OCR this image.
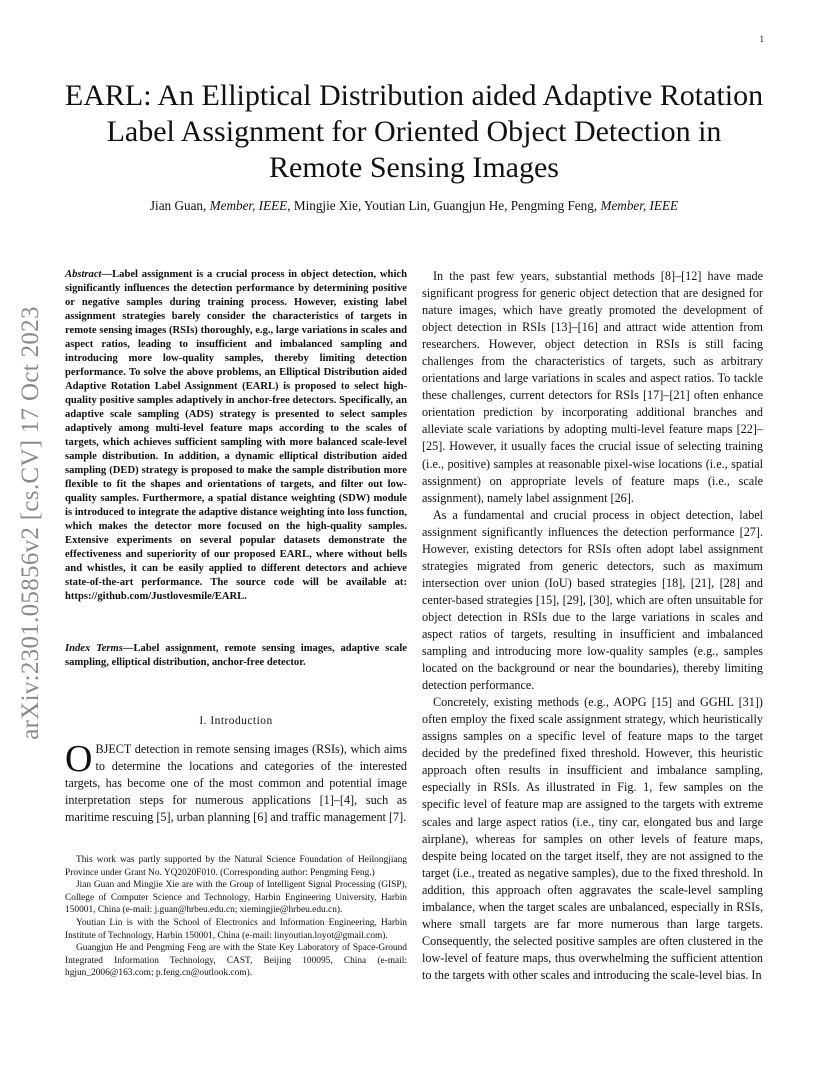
1
arXiv:2301.05856v2 [cs.CV] 17 Oct 2023
EARL: An Elliptical Distribution aided Adaptive Rotation Label Assignment for Oriented Object Detection in Remote Sensing Images
Jian Guan, Member, IEEE, Mingjie Xie, Youtian Lin, Guangjun He, Pengming Feng, Member, IEEE
Abstract—Label assignment is a crucial process in object detection, which significantly influences the detection performance by determining positive or negative samples during training process. However, existing label assignment strategies barely consider the characteristics of targets in remote sensing images (RSIs) thoroughly, e.g., large variations in scales and aspect ratios, leading to insufficient and imbalanced sampling and introducing more low-quality samples, thereby limiting detection performance. To solve the above problems, an Elliptical Distribution aided Adaptive Rotation Label Assignment (EARL) is proposed to select high-quality positive samples adaptively in anchor-free detectors. Specifically, an adaptive scale sampling (ADS) strategy is presented to select samples adaptively among multi-level feature maps according to the scales of targets, which achieves sufficient sampling with more balanced scale-level sample distribution. In addition, a dynamic elliptical distribution aided sampling (DED) strategy is proposed to make the sample distribution more flexible to fit the shapes and orientations of targets, and filter out low-quality samples. Furthermore, a spatial distance weighting (SDW) module is introduced to integrate the adaptive distance weighting into loss function, which makes the detector more focused on the high-quality samples. Extensive experiments on several popular datasets demonstrate the effectiveness and superiority of our proposed EARL, where without bells and whistles, it can be easily applied to different detectors and achieve state-of-the-art performance. The source code will be available at: https://github.com/Justlovesmile/EARL.
Index Terms—Label assignment, remote sensing images, adaptive scale sampling, elliptical distribution, anchor-free detector.
I. Introduction
OBJECT detection in remote sensing images (RSIs), which aims to determine the locations and categories of the interested targets, has become one of the most common and potential image interpretation steps for numerous applications [1]–[4], such as maritime rescuing [5], urban planning [6] and traffic management [7].

This work was partly supported by the Natural Science Foundation of Heilongjiang Province under Grant No. YQ2020F010. (Corresponding author: Pengming Feng.)

Jian Guan and Mingjie Xie are with the Group of Intelligent Signal Processing (GISP), College of Computer Science and Technology, Harbin Engineering University, Harbin 150001, China (e-mail: j.guan@hrbeu.edu.cn; xiemingjie@hrbeu.edu.cn).

Youtian Lin is with the School of Electronics and Information Engineering, Harbin Institute of Technology, Harbin 150001, China (e-mail: linyoutian.loyot@gmail.com).

Guangjun He and Pengming Feng are with the State Key Laboratory of Space-Ground Integrated Information Technology, CAST, Beijing 100095, China (e-mail: hgjun_2006@163.com; p.feng.cn@outlook.com).

In the past few years, substantial methods [8]–[12] have made significant progress for generic object detection that are designed for nature images, which have greatly promoted the development of object detection in RSIs [13]–[16] and attract wide attention from researchers. However, object detection in RSIs is still facing challenges from the characteristics of targets, such as arbitrary orientations and large variations in scales and aspect ratios. To tackle these challenges, current detectors for RSIs [17]–[21] often enhance orientation prediction by incorporating additional branches and alleviate scale variations by adopting multi-level feature maps [22]–[25]. However, it usually faces the crucial issue of selecting training (i.e., positive) samples at reasonable pixel-wise locations (i.e., spatial assignment) on appropriate levels of feature maps (i.e., scale assignment), namely label assignment [26].

As a fundamental and crucial process in object detection, label assignment significantly influences the detection performance [27]. However, existing detectors for RSIs often adopt label assignment strategies migrated from generic detectors, such as maximum intersection over union (IoU) based strategies [18], [21], [28] and center-based strategies [15], [29], [30], which are often unsuitable for object detection in RSIs due to the large variations in scales and aspect ratios of targets, resulting in insufficient and imbalanced sampling and introducing more low-quality samples (e.g., samples located on the background or near the boundaries), thereby limiting detection performance.

Concretely, existing methods (e.g., AOPG [15] and GGHL [31]) often employ the fixed scale assignment strategy, which heuristically assigns samples on a specific level of feature maps to the target decided by the predefined fixed threshold. However, this heuristic approach often results in insufficient and imbalance sampling, especially in RSIs. As illustrated in Fig. 1, few samples on the specific level of feature map are assigned to the targets with extreme scales and large aspect ratios (i.e., tiny car, elongated bus and large airplane), whereas for samples on other levels of feature maps, despite being located on the target itself, they are not assigned to the target (i.e., treated as negative samples), due to the fixed threshold. In addition, this approach often aggravates the scale-level sampling imbalance, when the target scales are unbalanced, especially in RSIs, where small targets are far more numerous than large targets. Consequently, the selected positive samples are often clustered in the low-level of feature maps, thus overwhelming the sufficient attention to the targets with other scales and introducing the scale-level bias. In
